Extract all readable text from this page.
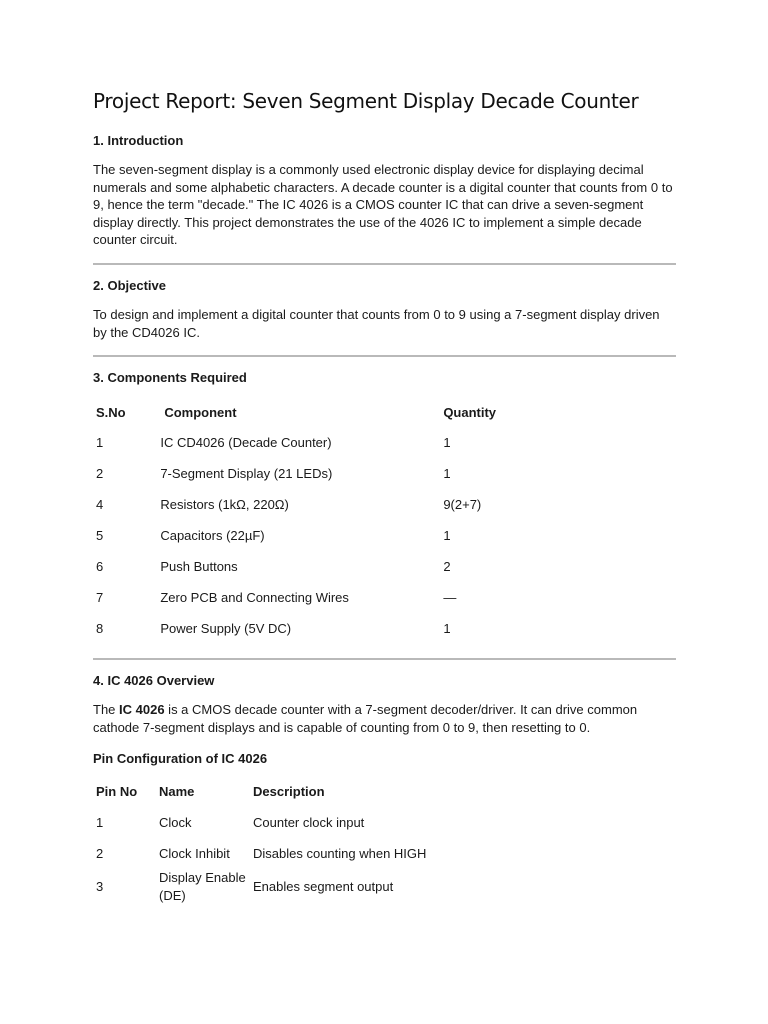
Project Report: Seven Segment Display Decade Counter
1. Introduction

The seven-segment display is a commonly used electronic display device for displaying decimal numerals and some alphabetic characters. A decade counter is a digital counter that counts from 0 to 9, hence the term "decade." The IC 4026 is a CMOS counter IC that can drive a seven-segment display directly. This project demonstrates the use of the 4026 IC to implement a simple decade counter circuit.

2. Objective

To design and implement a digital counter that counts from 0 to 9 using a 7-segment display driven by the CD4026 IC.

3. Components Required
S.No	Component	Quantity
1	IC CD4026 (Decade Counter)	1
2	7-Segment Display (21 LEDs)	1
4	Resistors (1kΩ, 220Ω)	9(2+7)
5	Capacitors (22µF)	1
6	Push Buttons	2
7	Zero PCB and Connecting Wires	—
8	Power Supply (5V DC)	1
4. IC 4026 Overview

The IC 4026 is a CMOS decade counter with a 7-segment decoder/driver. It can drive common cathode 7-segment displays and is capable of counting from 0 to 9, then resetting to 0.

Pin Configuration of IC 4026
Pin No	Name	Description
1	Clock	Counter clock input
2	Clock Inhibit	Disables counting when HIGH
3	Display Enable (DE)	Enables segment output
